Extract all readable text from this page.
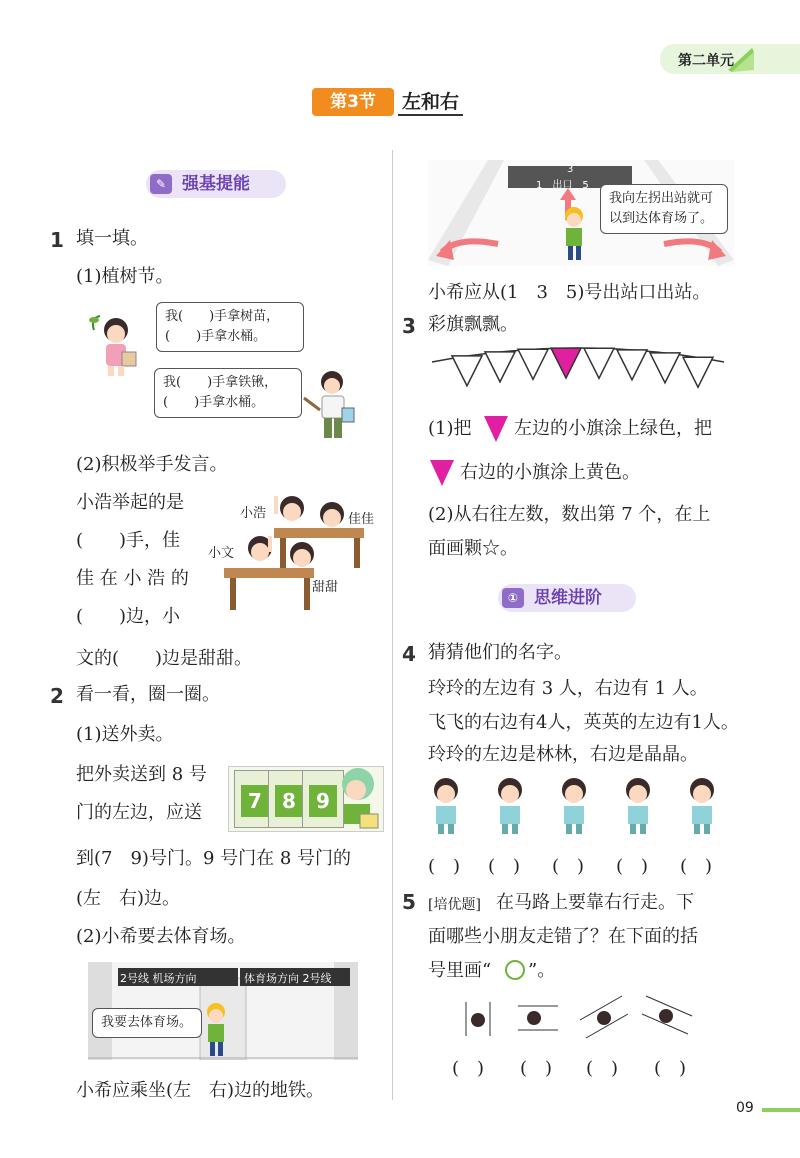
第二单元
第3节	左和右
✎ 强基提能
1 填一填。
(1)植树节。
我(　　)手拿树苗，
(　　)手拿水桶。
我(　　)手拿铁锹，
(　　)手拿水桶。
(2)积极举手发言。
小浩举起的是
(　　)手，佳
佳 在 小 浩 的
(　　)边，小
文的(　　)边是甜甜。
小浩	佳佳
小文
甜甜
2 看一看，圈一圈。
(1)送外卖。
把外卖送到 8 号
门的左边，应送
到(7　9)号门。9 号门在 8 号门的
(左　右)边。
7	8	9
(2)小希要去体育场。
2号线 机场方向	体育场方向 2号线
我要去体育场。
小希应乘坐(左　右)边的地铁。
3
1　出口　5
我向左拐出站就可
以到达体育场了。
小希应从(1　3　5)号出站口出站。
3 彩旗飘飘。
(1)把 左边的小旗涂上绿色，把
右边的小旗涂上黄色。
(2)从右往左数，数出第 7 个，在上
面画颗☆。
① 思维进阶
4 猜猜他们的名字。
玲玲的左边有 3 人，右边有 1 人。
飞飞的右边有4人，英英的左边有1人。
玲玲的左边是林林，右边是晶晶。
(　) (　) (　) (　) (　)
5 [培优题] 在马路上要靠右行走。下
面哪些小朋友走错了？在下面的括
号里画“ ”。
(　) (　) (　) (　)
09
